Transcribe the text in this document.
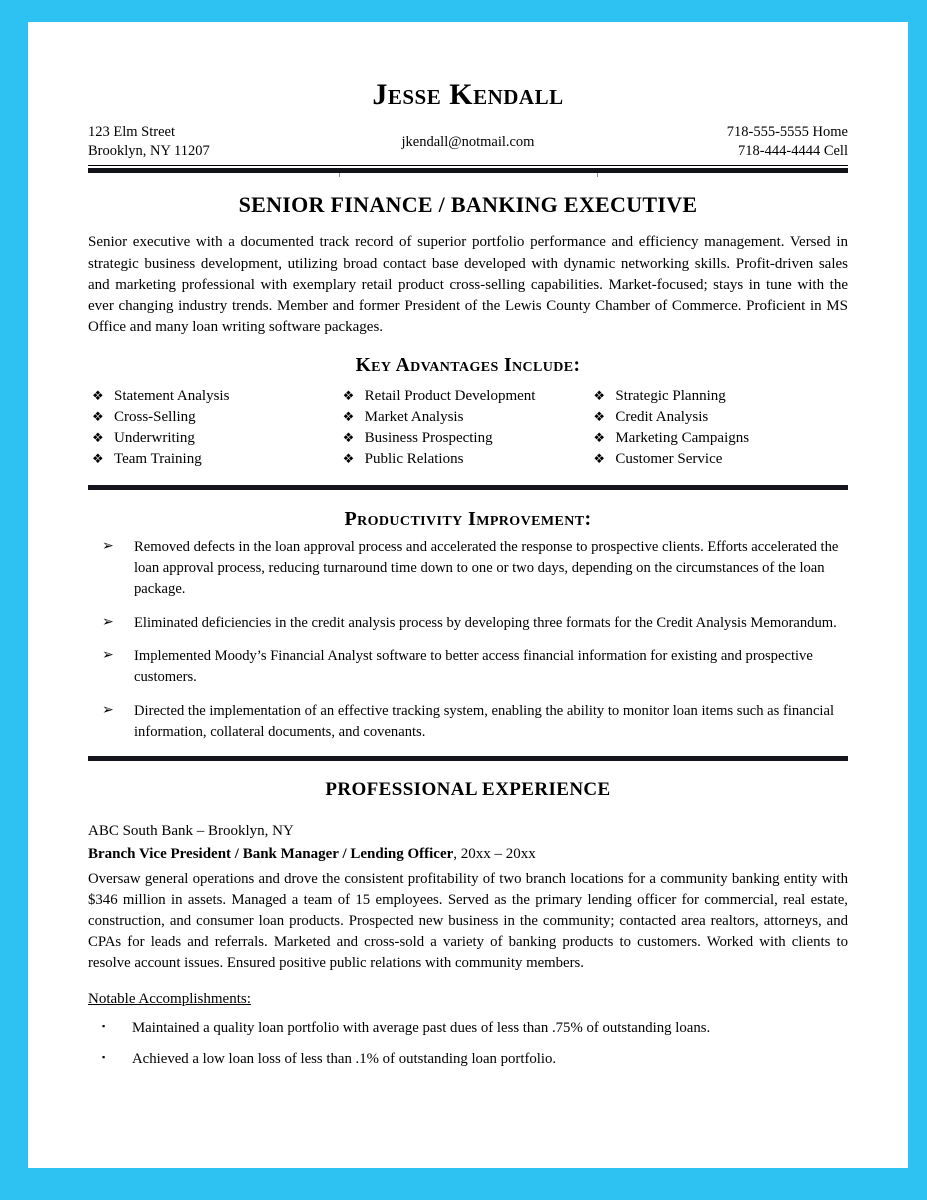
Jesse Kendall
123 Elm Street
Brooklyn, NY 11207
jkendall@notmail.com
718-555-5555 Home
718-444-4444 Cell
SENIOR FINANCE / BANKING EXECUTIVE

Senior executive with a documented track record of superior portfolio performance and efficiency management. Versed in strategic business development, utilizing broad contact base developed with dynamic networking skills. Profit-driven sales and marketing professional with exemplary retail product cross-selling capabilities. Market-focused; stays in tune with the ever changing industry trends. Member and former President of the Lewis County Chamber of Commerce. Proficient in MS Office and many loan writing software packages.

Key Advantages Include:
❖ Statement Analysis
❖ Cross-Selling
❖ Underwriting
❖ Team Training
❖ Retail Product Development
❖ Market Analysis
❖ Business Prospecting
❖ Public Relations
❖ Strategic Planning
❖ Credit Analysis
❖ Marketing Campaigns
❖ Customer Service
Productivity Improvement:
➢	Removed defects in the loan approval process and accelerated the response to prospective clients. Efforts accelerated the loan approval process, reducing turnaround time down to one or two days, depending on the circumstances of the loan package.
➢	Eliminated deficiencies in the credit analysis process by developing three formats for the Credit Analysis Memorandum.
➢	Implemented Moody’s Financial Analyst software to better access financial information for existing and prospective customers.
➢	Directed the implementation of an effective tracking system, enabling the ability to monitor loan items such as financial information, collateral documents, and covenants.
PROFESSIONAL EXPERIENCE
ABC South Bank – Brooklyn, NY
Branch Vice President / Bank Manager / Lending Officer, 20xx – 20xx

Oversaw general operations and drove the consistent profitability of two branch locations for a community banking entity with $346 million in assets. Managed a team of 15 employees. Served as the primary lending officer for commercial, real estate, construction, and consumer loan products. Prospected new business in the community; contacted area realtors, attorneys, and CPAs for leads and referrals. Marketed and cross-sold a variety of banking products to customers. Worked with clients to resolve account issues. Ensured positive public relations with community members.

Notable Accomplishments:
▪	Maintained a quality loan portfolio with average past dues of less than .75% of outstanding loans.
▪	Achieved a low loan loss of less than .1% of outstanding loan portfolio.
